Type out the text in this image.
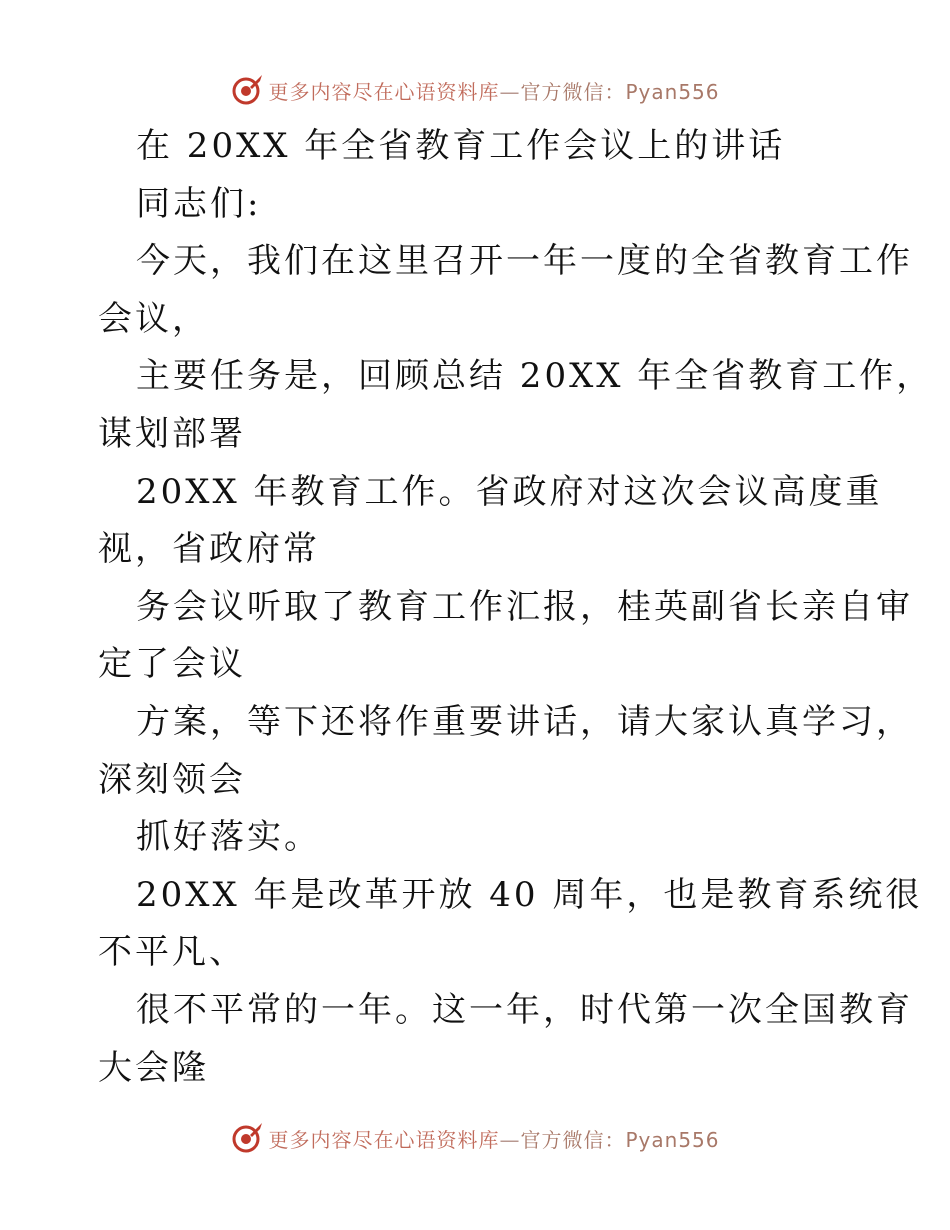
更多内容尽在心语资料库—官方微信：Pyan556
在 20XX 年全省教育工作会议上的讲话
同志们:
今天，我们在这里召开一年一度的全省教育工作
会议，
主要任务是，回顾总结 20XX 年全省教育工作，
谋划部署
20XX 年教育工作。省政府对这次会议高度重
视，省政府常
务会议听取了教育工作汇报，桂英副省长亲自审
定了会议
方案，等下还将作重要讲话，请大家认真学习，
深刻领会
抓好落实。
20XX 年是改革开放 40 周年，也是教育系统很
不平凡、
很不平常的一年。这一年，时代第一次全国教育
大会隆
更多内容尽在心语资料库—官方微信：Pyan556
